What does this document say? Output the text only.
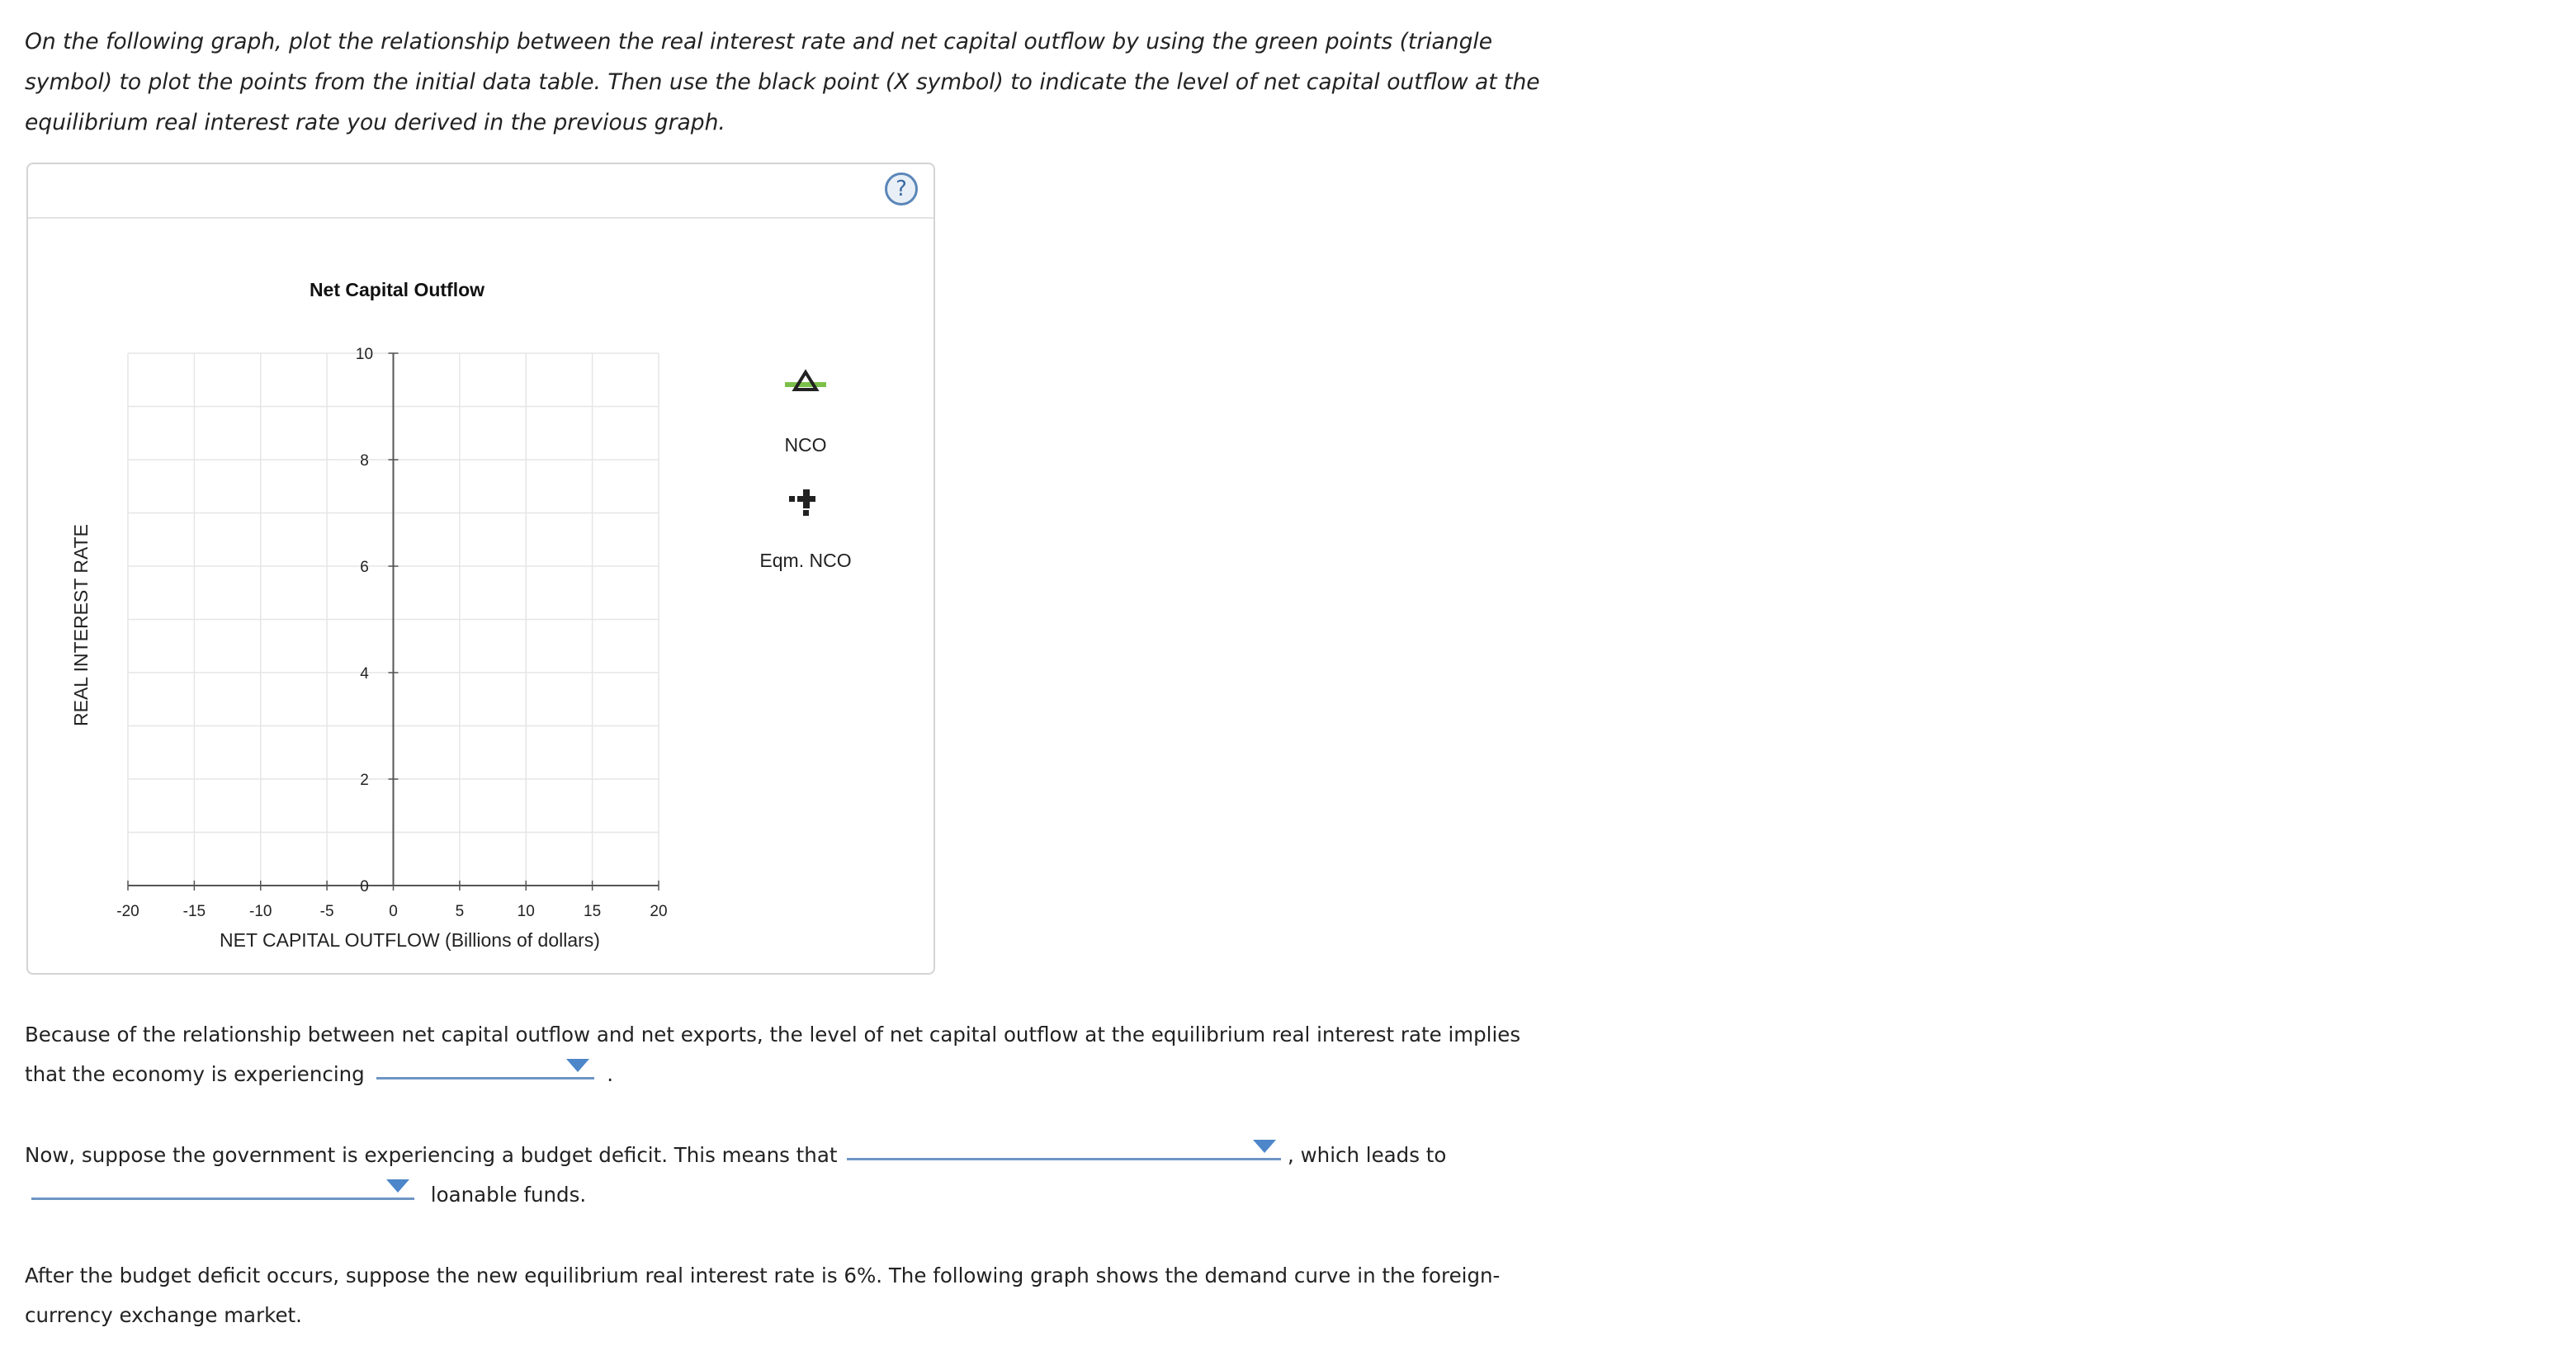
On the following graph, plot the relationship between the real interest rate and net capital outflow by using the green points (triangle symbol) to plot the points from the initial data table. Then use the black point (X symbol) to indicate the level of net capital outflow at the equilibrium real interest rate you derived in the previous graph.
?
-20	-15	-10	-5	0	5	10	15	20
0
2
4
6
8
10
Net Capital Outflow
NET CAPITAL OUTFLOW (Billions of dollars)
REAL INTEREST RATE
NCO
Eqm. NCO
Because of the relationship between net capital outflow and net exports, the level of net capital outflow at the equilibrium real interest rate implies that the economy is experiencing	.
Now, suppose the government is experiencing a budget deficit. This means that	, which leads to

loanable funds.
After the budget deficit occurs, suppose the new equilibrium real interest rate is 6%. The following graph shows the demand curve in the foreign-currency exchange market.
